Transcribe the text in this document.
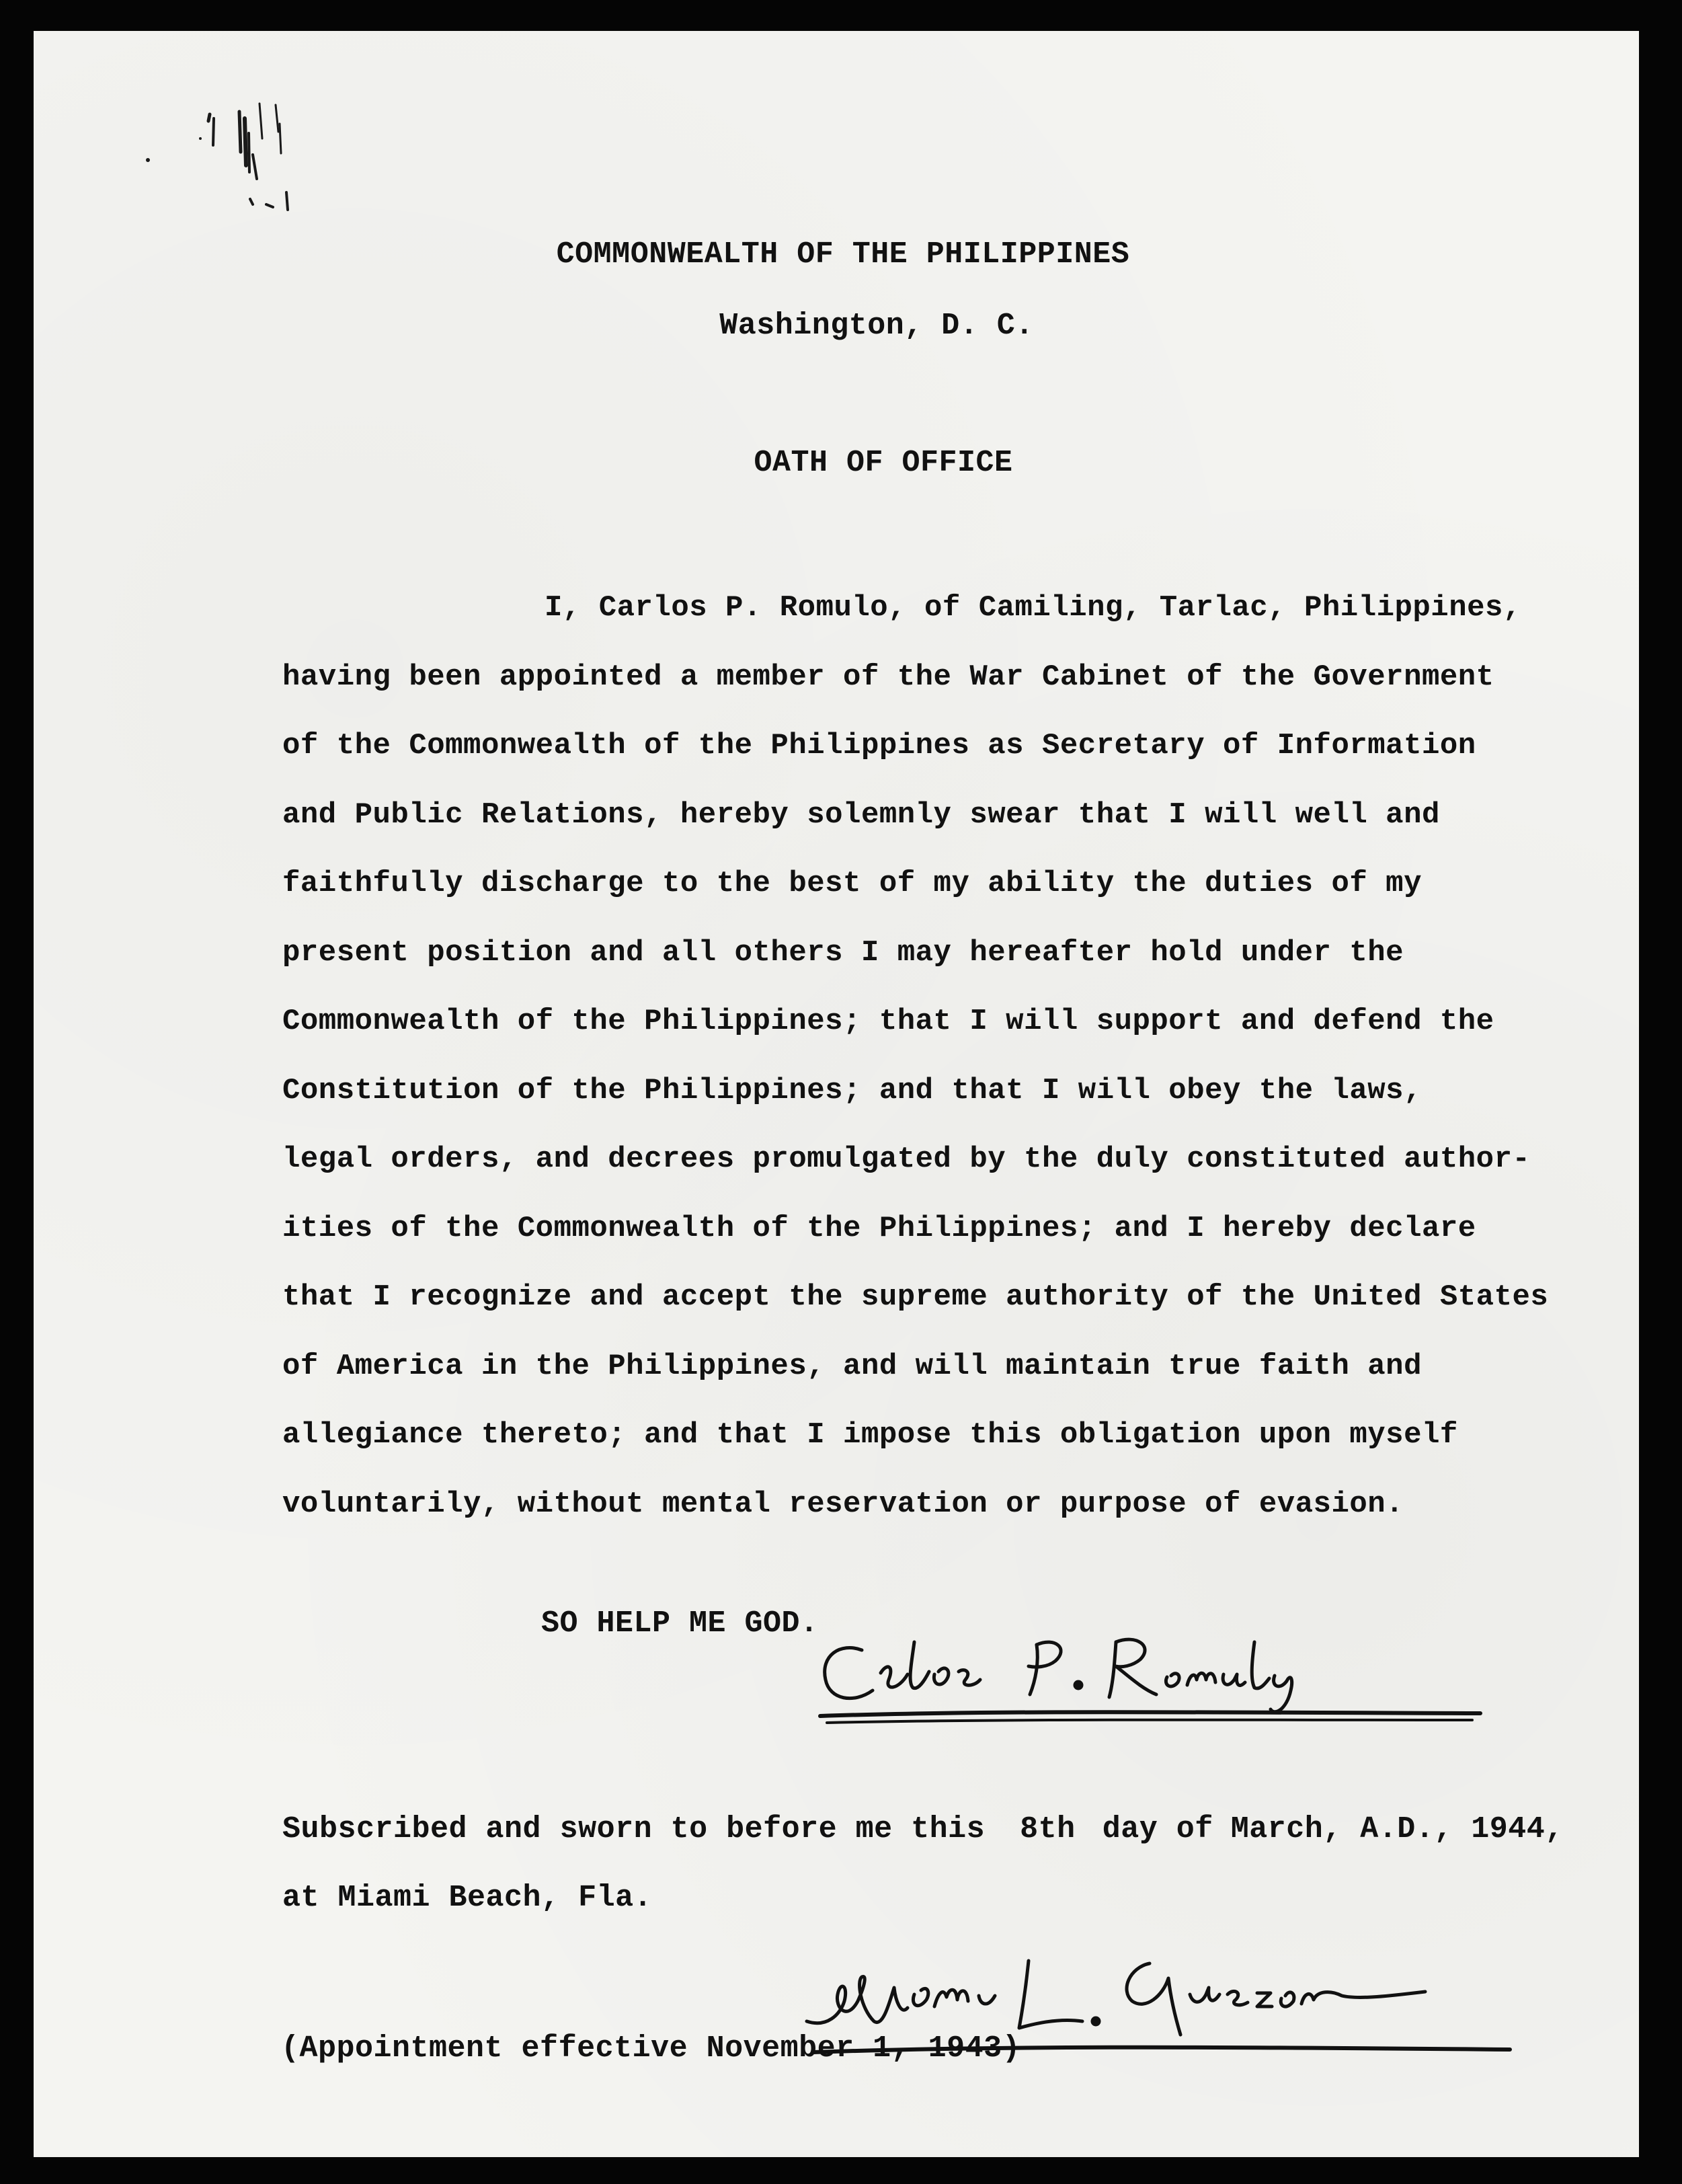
COMMONWEALTH OF THE PHILIPPINES

Washington, D. C.

OATH OF OFFICE

I, Carlos P. Romulo, of Camiling, Tarlac, Philippines,
having been appointed a member of the War Cabinet of the Government
of the Commonwealth of the Philippines as Secretary of Information
and Public Relations, hereby solemnly swear that I will well and
faithfully discharge to the best of my ability the duties of my
present position and all others I may hereafter hold under the
Commonwealth of the Philippines; that I will support and defend the
Constitution of the Philippines; and that I will obey the laws,
legal orders, and decrees promulgated by the duly constituted author-
ities of the Commonwealth of the Philippines; and I hereby declare
that I recognize and accept the supreme authority of the United States
of America in the Philippines, and will maintain true faith and
allegiance thereto; and that I impose this obligation upon myself
voluntarily, without mental reservation or purpose of evasion.

SO HELP ME GOD.

Subscribed and sworn to before me this 8th day of March, A.D., 1944,

at Miami Beach, Fla.

(Appointment effective November 1, 1943)
